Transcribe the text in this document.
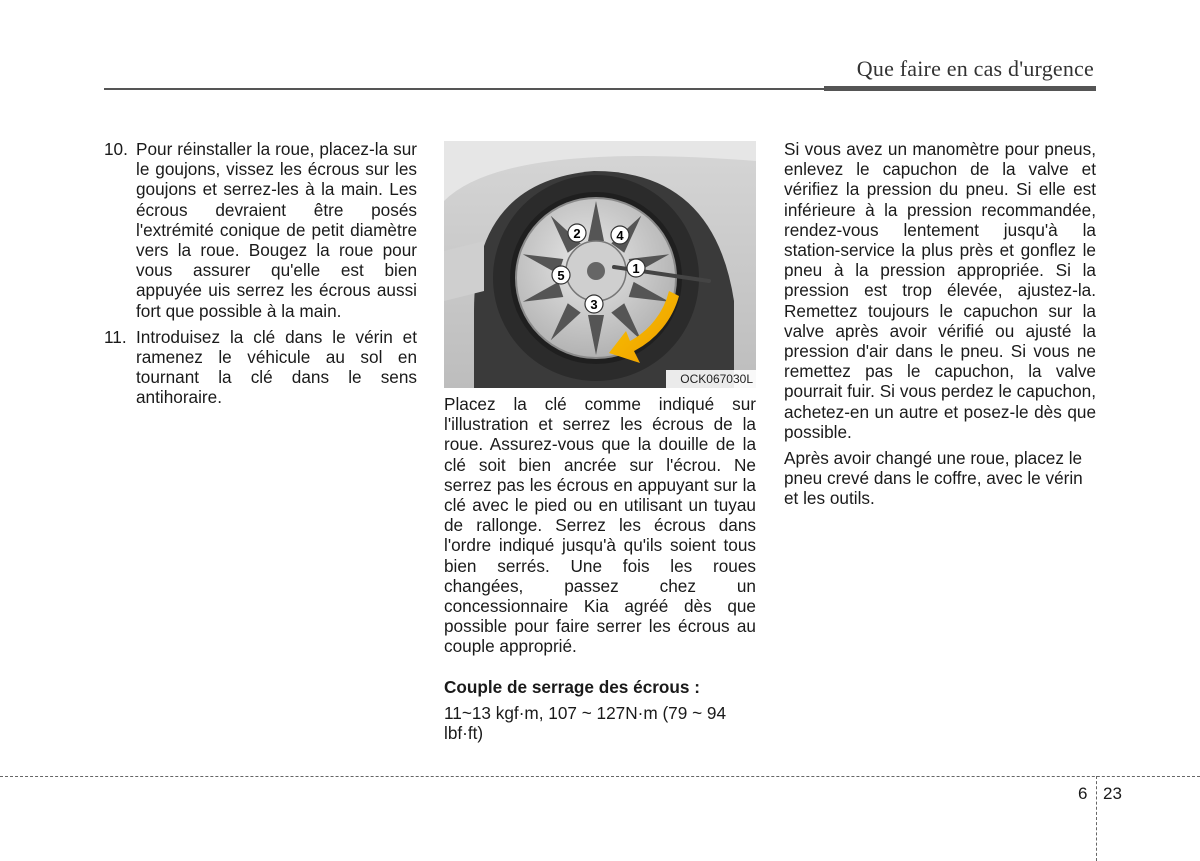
Que faire en cas d'urgence
10. Pour réinstaller la roue, placez-la sur le goujons, vissez les écrous sur les goujons et serrez-les à la main. Les écrous devraient être posés l'extrémité conique de petit diamètre vers la roue. Bougez la roue pour vous assurer qu'elle est bien appuyée uis serrez les écrous aussi fort que possible à la main.
11. Introduisez la clé dans le vérin et ramenez le véhicule au sol en tournant la clé dans le sens antihoraire.
1
2
3
4
5
OCK067030L

Placez la clé comme indiqué sur l'illustration et serrez les écrous de la roue. Assurez-vous que la douille de la clé soit bien ancrée sur l'écrou. Ne serrez pas les écrous en appuyant sur la clé avec le pied ou en utilisant un tuyau de rallonge. Serrez les écrous dans l'ordre indiqué jusqu'à qu'ils soient tous bien serrés. Une fois les roues changées, passez chez un concessionnaire Kia agréé dès que possible pour faire serrer les écrous au couple approprié.

Couple de serrage des écrous :

11~13 kgf·m, 107 ~ 127N·m (79 ~ 94 lbf·ft)

Si vous avez un manomètre pour pneus, enlevez le capuchon de la valve et vérifiez la pression du pneu. Si elle est inférieure à la pression recommandée, rendez-vous lentement jusqu'à la station-service la plus près et gonflez le pneu à la pression appropriée. Si la pression est trop élevée, ajustez-la. Remettez toujours le capuchon sur la valve après avoir vérifié ou ajusté la pression d'air dans le pneu. Si vous ne remettez pas le capuchon, la valve pourrait fuir. Si vous perdez le capuchon, achetez-en un autre et posez-le dès que possible.

Après avoir changé une roue, placez le pneu crevé dans le coffre, avec le vérin et les outils.

6 23
